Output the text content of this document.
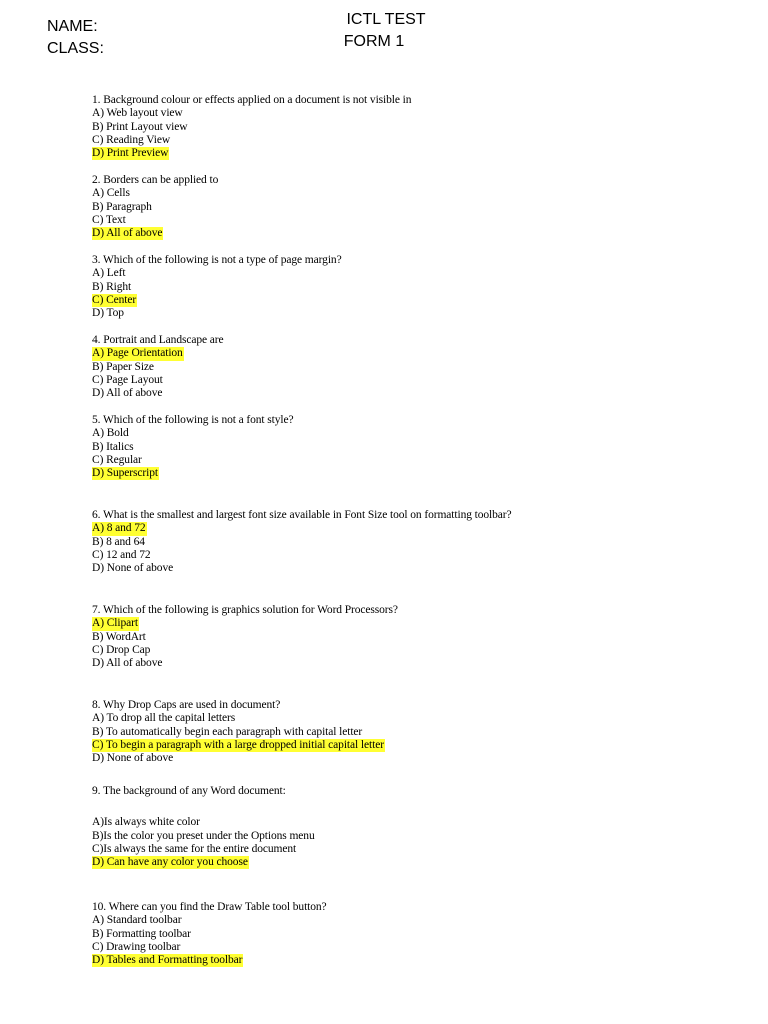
NAME:
CLASS:
ICTL TEST
FORM 1
1. Background colour or effects applied on a document is not visible in
A) Web layout view
B) Print Layout view
C) Reading View
D) Print Preview
2. Borders can be applied to
A) Cells
B) Paragraph
C) Text
D) All of above
3. Which of the following is not a type of page margin?
A) Left
B) Right
C) Center
D) Top
4. Portrait and Landscape are
A) Page Orientation
B) Paper Size
C) Page Layout
D) All of above
5. Which of the following is not a font style?
A) Bold
B) Italics
C) Regular
D) Superscript
6. What is the smallest and largest font size available in Font Size tool on formatting toolbar?
A) 8 and 72
B) 8 and 64
C) 12 and 72
D) None of above
7. Which of the following is graphics solution for Word Processors?
A) Clipart
B) WordArt
C) Drop Cap
D) All of above
8. Why Drop Caps are used in document?
A) To drop all the capital letters
B) To automatically begin each paragraph with capital letter
C) To begin a paragraph with a large dropped initial capital letter
D) None of above
9. The background of any Word document:
A)Is always white color
B)Is the color you preset under the Options menu
C)Is always the same for the entire document
D) Can have any color you choose
10. Where can you find the Draw Table tool button?
A) Standard toolbar
B) Formatting toolbar
C) Drawing toolbar
D) Tables and Formatting toolbar
